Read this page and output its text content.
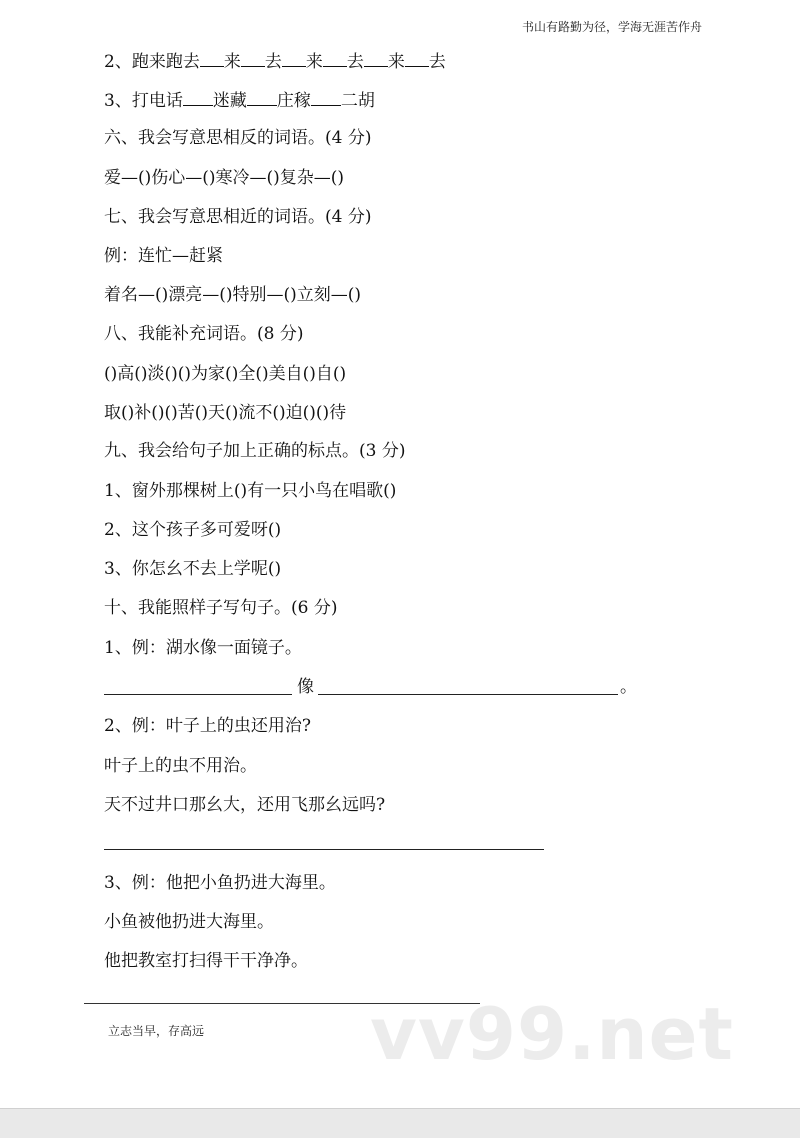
书山有路勤为径，学海无涯苦作舟
2、跑来跑去 来 去 来 去 来 去
3、打电话 迷藏 庄稼 二胡
六、我会写意思相反的词语。(4 分)
爱—()伤心—()寒冷—()复杂—()
七、我会写意思相近的词语。(4 分)
例：连忙—赶紧
着名—()漂亮—()特别—()立刻—()
八、我能补充词语。(8 分)
()高()淡()()为家()全()美自()自()
取()补()()苦()天()流不()迫()()待
九、我会给句子加上正确的标点。(3 分)
1、窗外那棵树上()有一只小鸟在唱歌()
2、这个孩子多可爱呀()
3、你怎幺不去上学呢()
十、我能照样子写句子。(6 分)
1、例：湖水像一面镜子。
像	。
2、例：叶子上的虫还用治?
叶子上的虫不用治。
天不过井口那幺大，还用飞那幺远吗?
3、例：他把小鱼扔进大海里。
小鱼被他扔进大海里。
他把教室打扫得干干净净。
vv99.net
立志当早，存高远
